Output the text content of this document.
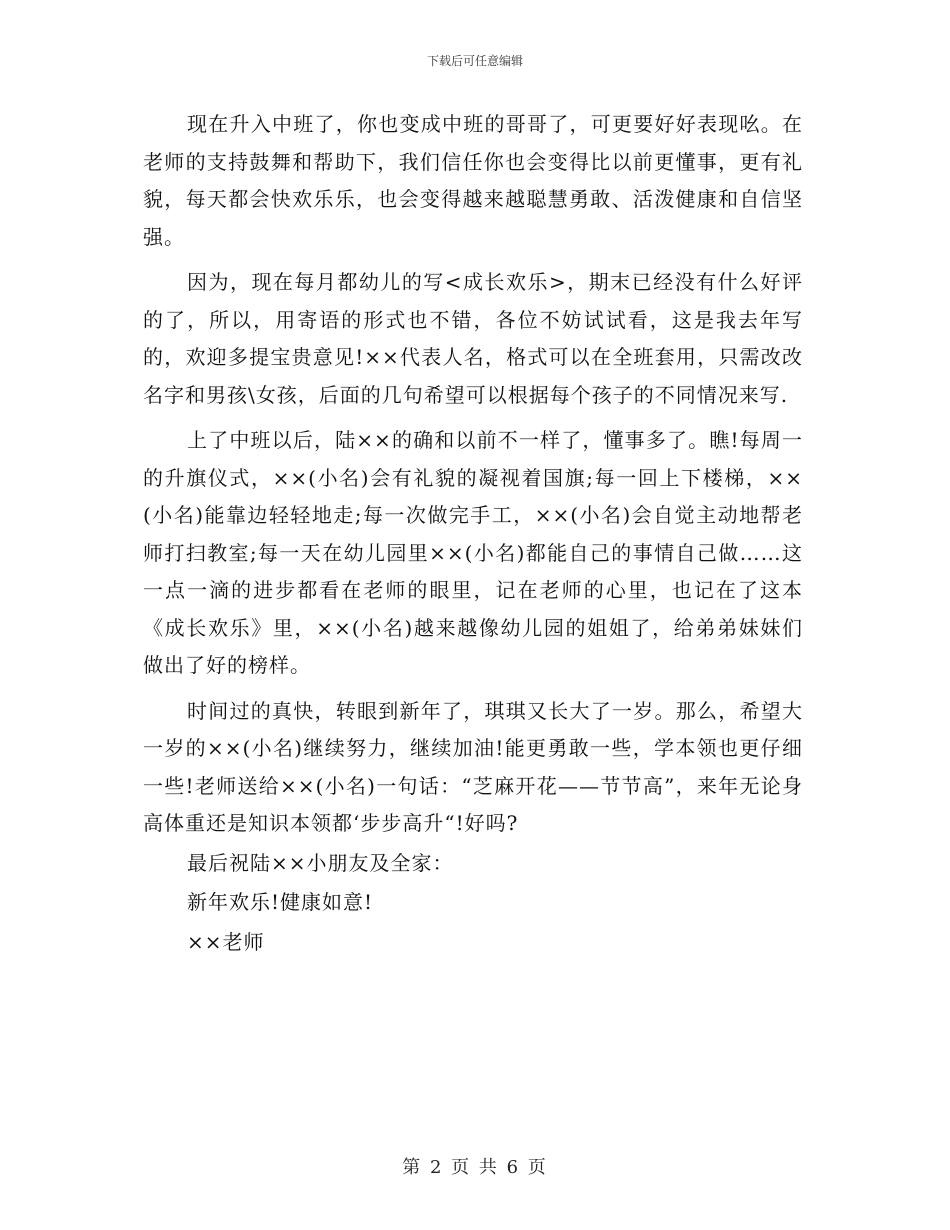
下载后可任意编辑

现在升入中班了，你也变成中班的哥哥了，可更要好好表现吆。在老师的支持鼓舞和帮助下，我们信任你也会变得比以前更懂事，更有礼貌，每天都会快欢乐乐，也会变得越来越聪慧勇敢、活泼健康和自信坚强。

因为，现在每月都幼儿的写<成长欢乐>，期末已经没有什么好评的了，所以，用寄语的形式也不错，各位不妨试试看，这是我去年写的，欢迎多提宝贵意见!××代表人名，格式可以在全班套用，只需改改名字和男孩\女孩，后面的几句希望可以根据每个孩子的不同情况来写.

上了中班以后，陆××的确和以前不一样了，懂事多了。瞧!每周一的升旗仪式，××(小名)会有礼貌的凝视着国旗;每一回上下楼梯，××(小名)能靠边轻轻地走;每一次做完手工，××(小名)会自觉主动地帮老师打扫教室;每一天在幼儿园里××(小名)都能自己的事情自己做……这一点一滴的进步都看在老师的眼里，记在老师的心里，也记在了这本《成长欢乐》里，××(小名)越来越像幼儿园的姐姐了，给弟弟妹妹们做出了好的榜样。

时间过的真快，转眼到新年了，琪琪又长大了一岁。那么，希望大一岁的××(小名)继续努力，继续加油!能更勇敢一些，学本领也更仔细一些!老师送给××(小名)一句话：“芝麻开花——节节高”，来年无论身高体重还是知识本领都‘步步高升“!好吗?

最后祝陆××小朋友及全家：

新年欢乐!健康如意!

××老师

第 2 页 共 6 页
